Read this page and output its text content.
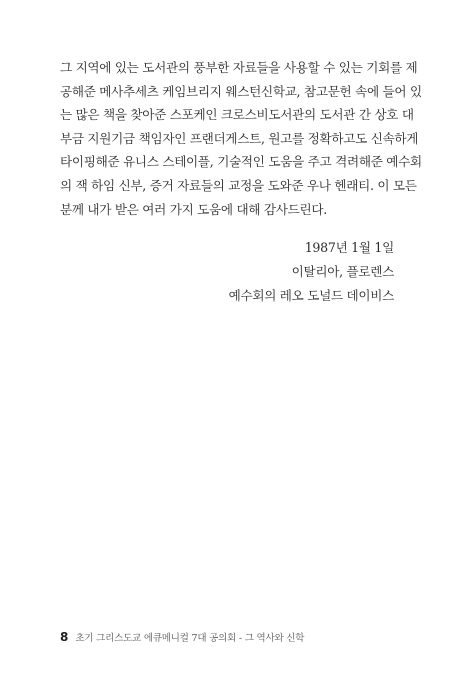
그 지역에 있는 도서관의 풍부한 자료들을 사용할 수 있는 기회를 제
공해준 메사추세츠 케임브리지 웨스턴신학교, 참고문헌 속에 들어 있
는 많은 책을 찾아준 스포케인 크로스비도서관의 도서관 간 상호 대
부금 지원기금 책임자인 프랜더게스트, 원고를 정확하고도 신속하게
타이핑해준 유니스 스테이플, 기술적인 도움을 주고 격려해준 예수회
의 잭 하임 신부, 증거 자료들의 교정을 도와준 우나 헨래티. 이 모든
분께 내가 받은 여러 가지 도움에 대해 감사드린다.
1987년 1월 1일
이탈리아, 플로렌스
예수회의 레오 도널드 데이비스
8 초기 그리스도교 에큐메니컬 7대 공의회 - 그 역사와 신학
